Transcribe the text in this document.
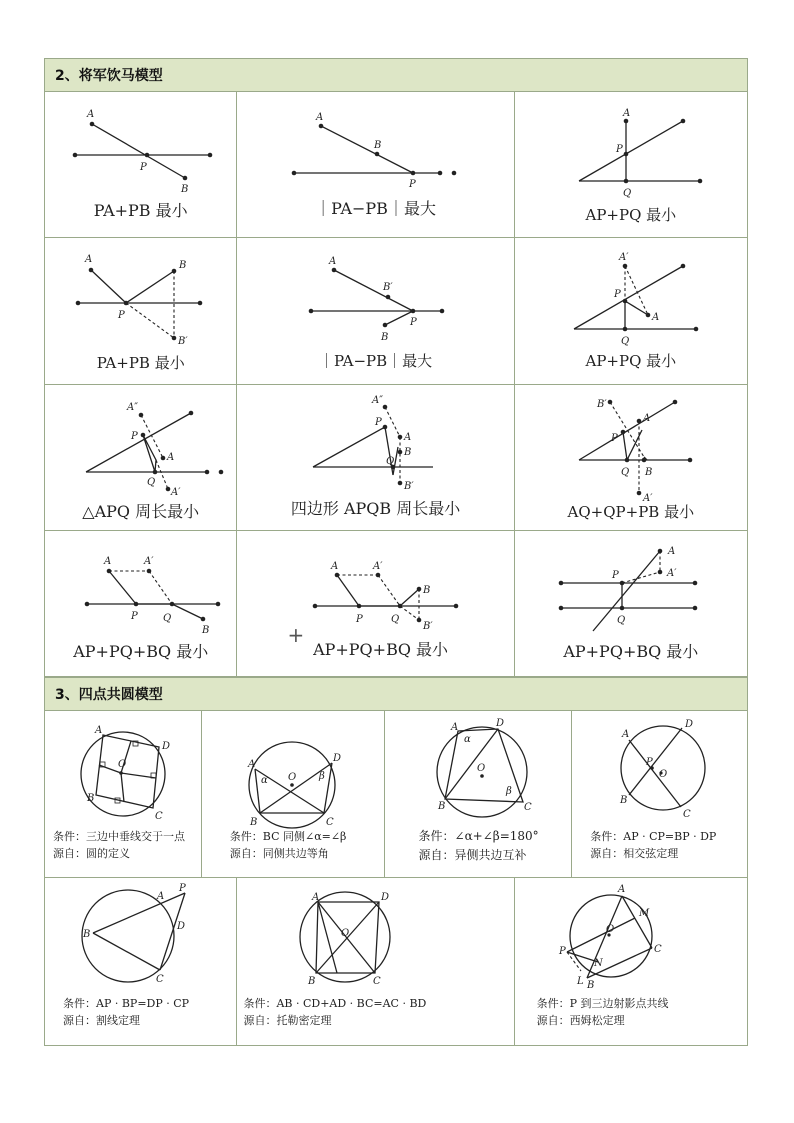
2、将军饮马模型
A
P
B
PA+PB 最小
A
B
P
｜PA−PB｜最大
A
P
Q
AP+PQ 最小
A
B
P
B′
PA+PB 最小
A
B′
B
P
｜PA−PB｜最大
A′
P
A
Q
AP+PQ 最小
A″
P
A
Q
A′
△APQ 周长最小
A″
P
A
B
Q
B′
四边形 APQB 周长最小
B′
P
A
Q B
A′
AQ+QP+PB 最小
A	A′
P	Q
B
AP+PQ+BQ 最小
A	A′
P	Q
B
B′
AP+PQ+BQ 最小
+
A
A′
P
Q
AP+PQ+BQ 最小
3、四点共圆模型
A
D
O
B
C
条件：三边中垂线交于一点
源自：圆的定义
A
D
α	β
O
B	C
条件：BC 同侧∠α=∠β
源自：同侧共边等角
A	D
α
β
O
B	C
条件：∠α+∠β=180°
源自：异侧共边互补
A
D
P
O
B
C
条件：AP · CP=BP · DP
源自：相交弦定理
P
A
B
D
C
条件：AP · BP=DP · CP
源自：割线定理
A	D
O
B	C
条件：AB · CD+AD · BC=AC · BD
源自：托勒密定理
A
M
O
P
N
C
L B
条件：P 到三边射影点共线
源自：西姆松定理
